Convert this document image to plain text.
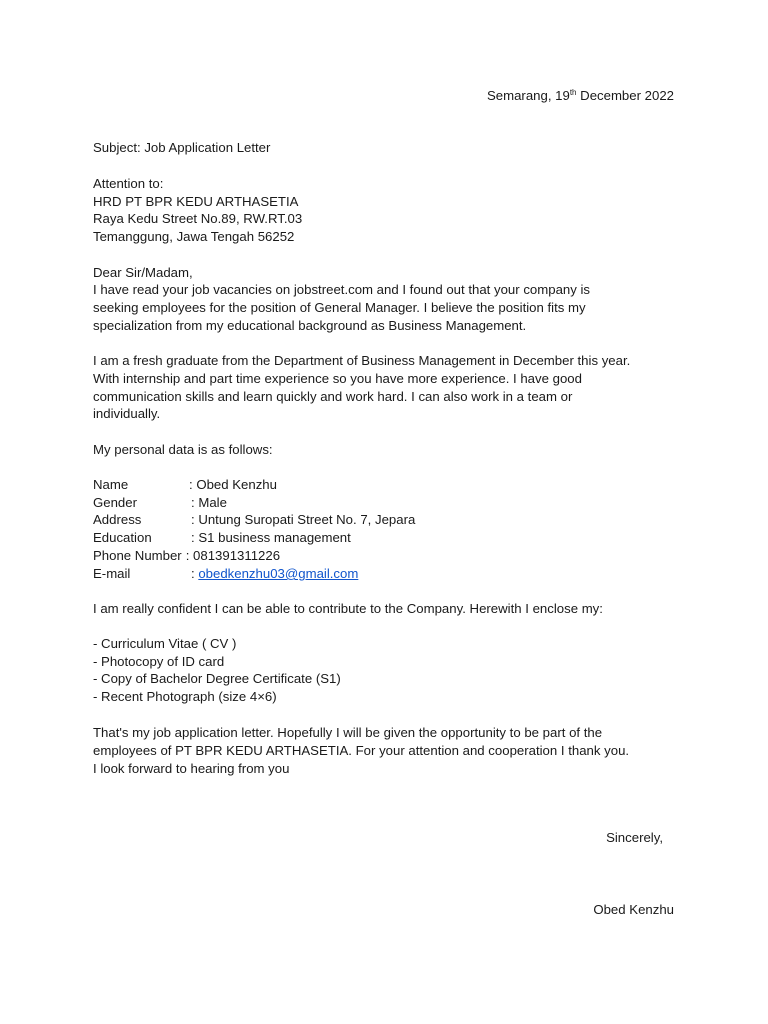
Semarang, 19th December 2022
Subject: Job Application Letter
Attention to:
HRD PT BPR KEDU ARTHASETIA
Raya Kedu Street No.89, RW.RT.03
Temanggung, Jawa Tengah 56252
Dear Sir/Madam,
I have read your job vacancies on jobstreet.com and I found out that your company is
seeking employees for the position of General Manager. I believe the position fits my
specialization from my educational background as Business Management.
I am a fresh graduate from the Department of Business Management in December this year.
With internship and part time experience so you have more experience. I have good
communication skills and learn quickly and work hard. I can also work in a team or
individually.
My personal data is as follows:
Name	: Obed Kenzhu
Gender	: Male
Address	: Untung Suropati Street No. 7, Jepara
Education	: S1 business management
Phone Number : 081391311226
E-mail	: obedkenzhu03@gmail.com
I am really confident I can be able to contribute to the Company. Herewith I enclose my:
- Curriculum Vitae ( CV )
- Photocopy of ID card
- Copy of Bachelor Degree Certificate (S1)
- Recent Photograph (size 4×6)
That's my job application letter. Hopefully I will be given the opportunity to be part of the
employees of PT BPR KEDU ARTHASETIA. For your attention and cooperation I thank you.
I look forward to hearing from you
Sincerely,
Obed Kenzhu
